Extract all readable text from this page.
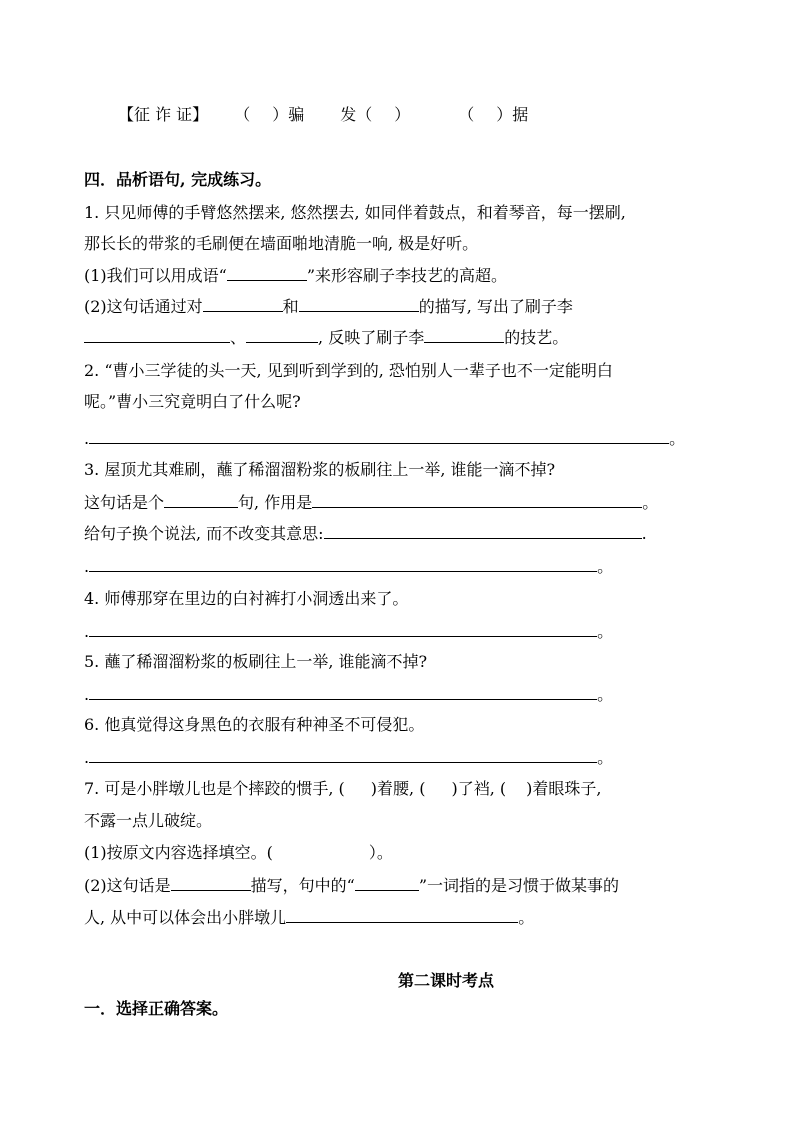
【征 诈 证】 （ ）骗 发（ ）	（ ）据
四．品析语句, 完成练习。
1. 只见师傅的手臂悠然摆来, 悠然摆去, 如同伴着鼓点，和着琴音，每一摆刷,
那长长的带浆的毛刷便在墙面啪地清脆一响, 极是好听。
(1)我们可以用成语“	”来形容刷子李技艺的高超。
(2)这句话通过对	和	的描写, 写出了刷子李
、	, 反映了刷子李	的技艺。
2. “曹小三学徒的头一天, 见到听到学到的, 恐怕别人一辈子也不一定能明白
呢。”曹小三究竟明白了什么呢?
.	。
3. 屋顶尤其难刷，蘸了稀溜溜粉浆的板刷往上一举, 谁能一滴不掉?
这句话是个	句, 作用是	。
给句子换个说法, 而不改变其意思:	.
.	。
4. 师傅那穿在里边的白衬裤打小洞透出来了。
.	。
5. 蘸了稀溜溜粉浆的板刷往上一举, 谁能滴不掉?
.	。
6. 他真觉得这身黑色的衣服有种神圣不可侵犯。
.	。
7. 可是小胖墩儿也是个摔跤的惯手, ( )着腰, ( )了裆, ( )着眼珠子,
不露一点儿破绽。
(1)按原文内容选择填空。(	）。
(2)这句话是	描写，句中的“	”一词指的是习惯于做某事的
人, 从中可以体会出小胖墩儿	。
第二课时考点
一．选择正确答案。
